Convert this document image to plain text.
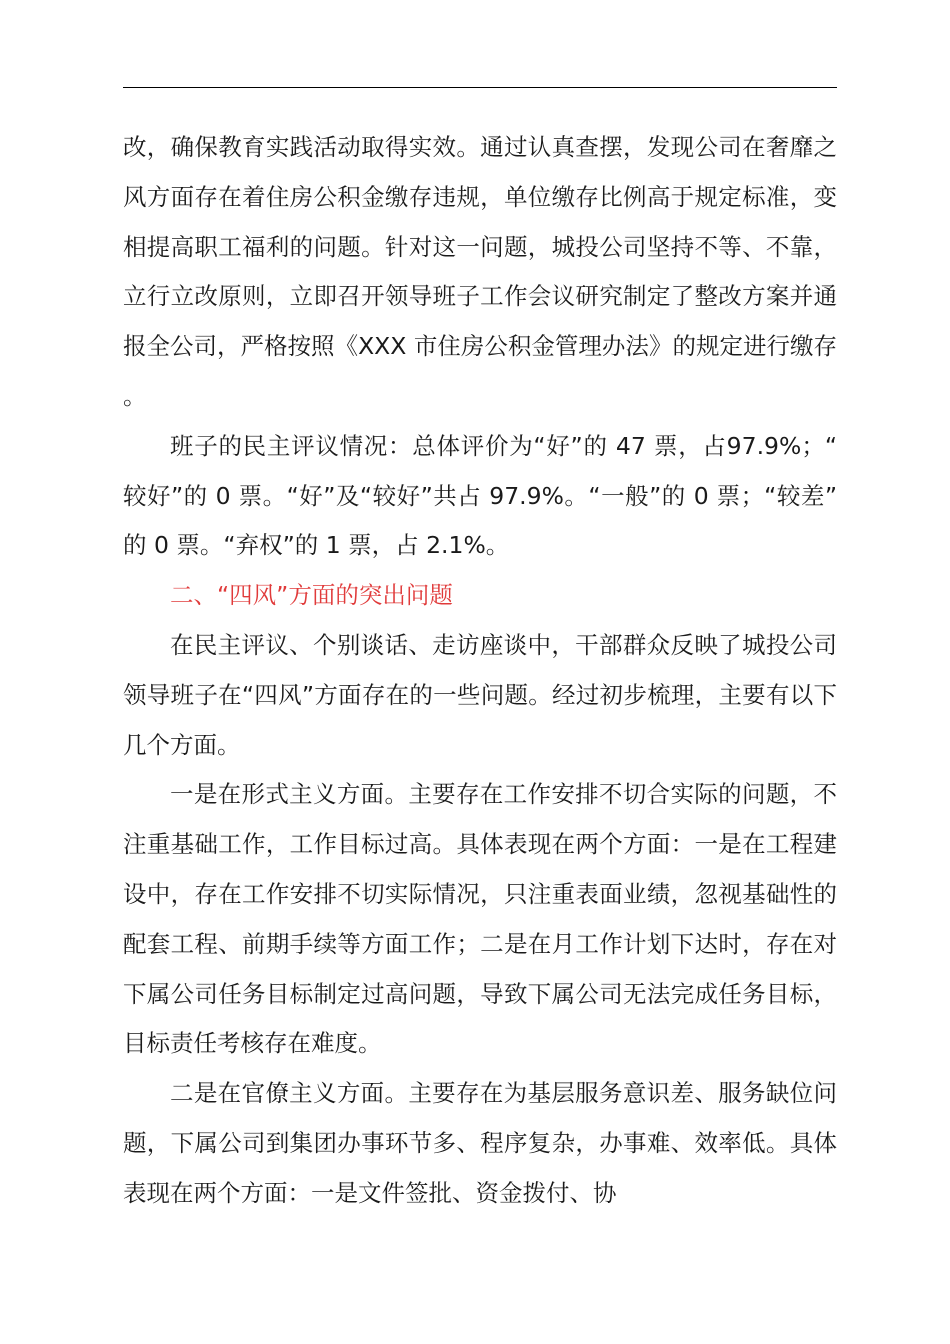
改，确保教育实践活动取得实效。通过认真查摆，发现公司在奢靡之风方面存在着住房公积金缴存违规，单位缴存比例高于规定标准，变相提高职工福利的问题。针对这一问题，城投公司坚持不等、不靠，立行立改原则，立即召开领导班子工作会议研究制定了整改方案并通报全公司，严格按照《XXX 市住房公积金管理办法》的规定进行缴存。

班子的民主评议情况：总体评价为“好”的 47 票，占97.9%；“较好”的 0 票。“好”及“较好”共占 97.9%。“一般”的 0 票；“较差”的 0 票。“弃权”的 1 票，占 2.1%。

二、“四风”方面的突出问题

在民主评议、个别谈话、走访座谈中，干部群众反映了城投公司领导班子在“四风”方面存在的一些问题。经过初步梳理，主要有以下几个方面。

一是在形式主义方面。主要存在工作安排不切合实际的问题，不注重基础工作，工作目标过高。具体表现在两个方面：一是在工程建设中，存在工作安排不切实际情况，只注重表面业绩，忽视基础性的配套工程、前期手续等方面工作；二是在月工作计划下达时，存在对下属公司任务目标制定过高问题，导致下属公司无法完成任务目标，目标责任考核存在难度。

二是在官僚主义方面。主要存在为基层服务意识差、服务缺位问题，下属公司到集团办事环节多、程序复杂，办事难、效率低。具体表现在两个方面：一是文件签批、资金拨付、协
